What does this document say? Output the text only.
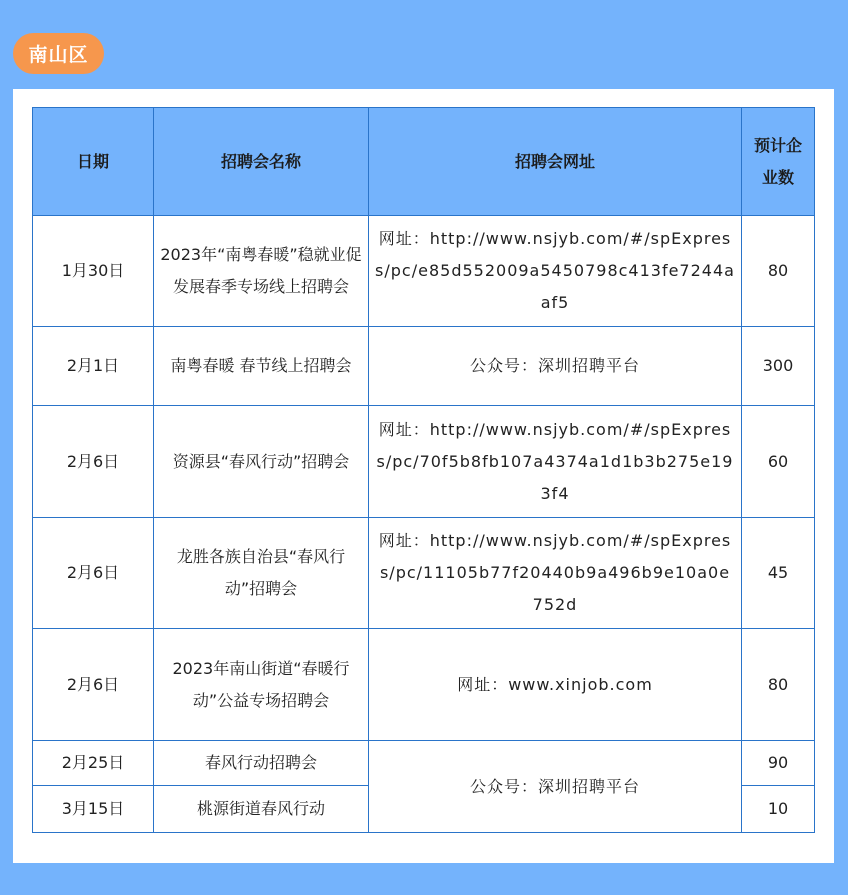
南山区
日期	招聘会名称	招聘会网址	预计企业数
1月30日	2023年“南粤春暖”稳就业促发展春季专场线上招聘会	网址：http://www.nsjyb.com/#/spExpress/pc/e85d552009a5450798c413fe7244aaf5	80
2月1日	南粤春暖 春节线上招聘会	公众号：深圳招聘平台	300
2月6日	资源县“春风行动”招聘会	网址：http://www.nsjyb.com/#/spExpress/pc/70f5b8fb107a4374a1d1b3b275e193f4	60
2月6日	龙胜各族自治县“春风行动”招聘会	网址：http://www.nsjyb.com/#/spExpress/pc/11105b77f20440b9a496b9e10a0e752d	45
2月6日	2023年南山街道“春暖行动”公益专场招聘会	网址：www.xinjob.com	80
2月25日	春风行动招聘会	公众号：深圳招聘平台	90
3月15日	桃源街道春风行动		10
